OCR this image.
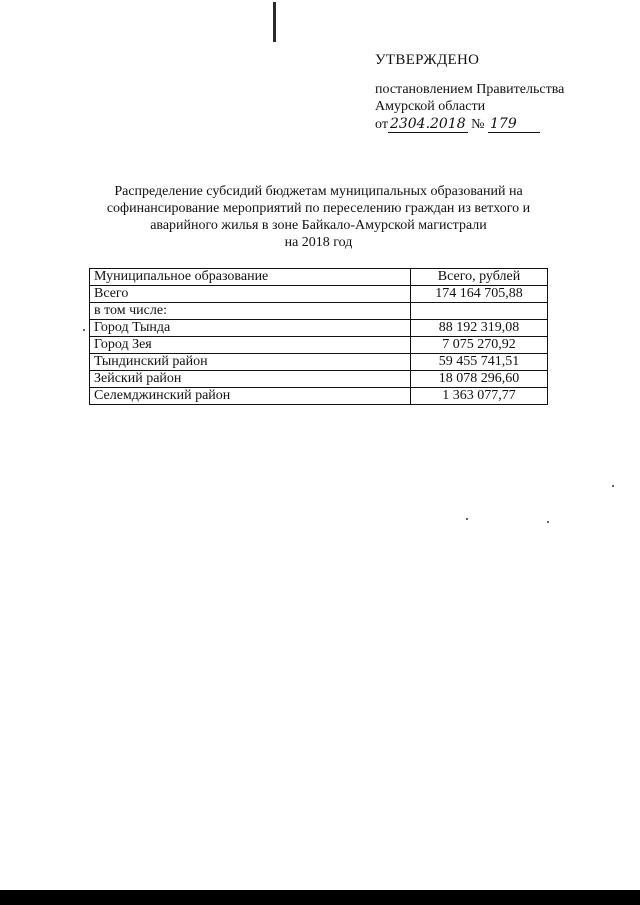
УТВЕРЖДЕНО
постановлением Правительства
Амурской области
от 2304.2018 № 179
Распределение субсидий бюджетам муниципальных образований на
софинансирование мероприятий по переселению граждан из ветхого и
аварийного жилья в зоне Байкало-Амурской магистрали
на 2018 год
Муниципальное образование	Всего, рублей
Всего	174 164 705,88
в том числе:	
Город Тында	88 192 319,08
Город Зея	7 075 270,92
Тындинский район	59 455 741,51
Зейский район	18 078 296,60
Селемджинский район	1 363 077,77
